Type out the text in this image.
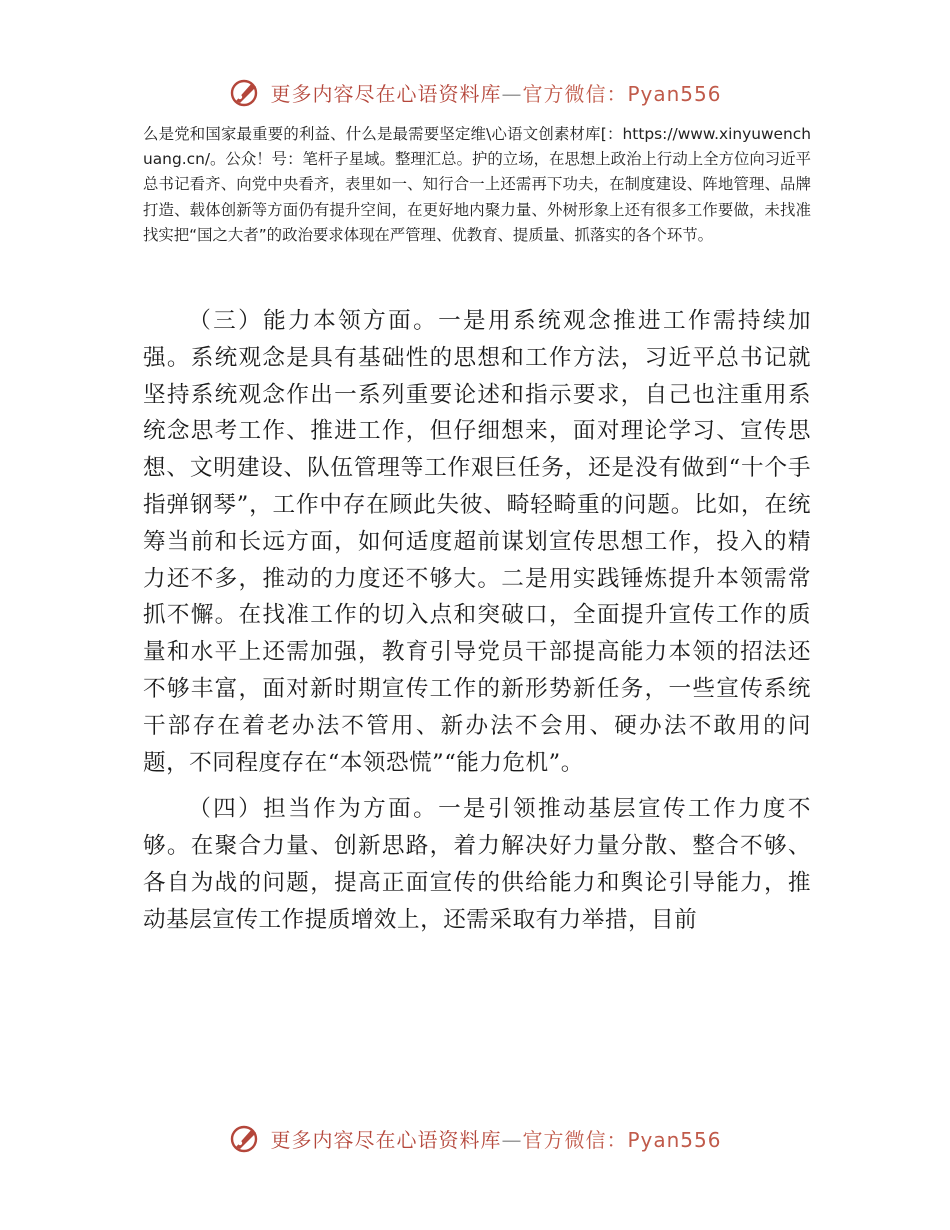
更多内容尽在心语资料库—官方微信：Pyan556

么是党和国家最重要的利益、什么是最需要坚定维\心语文创素材库[：https://www.xinyuwenchuang.cn/。公众！号：笔杆子星域。整理汇总。护的立场，在思想上政治上行动上全方位向习近平总书记看齐、向党中央看齐，表里如一、知行合一上还需再下功夫，在制度建设、阵地管理、品牌打造、载体创新等方面仍有提升空间，在更好地内聚力量、外树形象上还有很多工作要做，未找准找实把“国之大者”的政治要求体现在严管理、优教育、提质量、抓落实的各个环节。

（三）能力本领方面。一是用系统观念推进工作需持续加强。系统观念是具有基础性的思想和工作方法，习近平总书记就坚持系统观念作出一系列重要论述和指示要求，自己也注重用系统念思考工作、推进工作，但仔细想来，面对理论学习、宣传思想、文明建设、队伍管理等工作艰巨任务，还是没有做到“十个手指弹钢琴”，工作中存在顾此失彼、畸轻畸重的问题。比如，在统筹当前和长远方面，如何适度超前谋划宣传思想工作，投入的精力还不多，推动的力度还不够大。二是用实践锤炼提升本领需常抓不懈。在找准工作的切入点和突破口，全面提升宣传工作的质量和水平上还需加强，教育引导党员干部提高能力本领的招法还不够丰富，面对新时期宣传工作的新形势新任务，一些宣传系统干部存在着老办法不管用、新办法不会用、硬办法不敢用的问题，不同程度存在“本领恐慌”“能力危机”。

（四）担当作为方面。一是引领推动基层宣传工作力度不够。在聚合力量、创新思路，着力解决好力量分散、整合不够、各自为战的问题，提高正面宣传的供给能力和舆论引导能力，推动基层宣传工作提质增效上，还需采取有力举措，目前

更多内容尽在心语资料库—官方微信：Pyan556
